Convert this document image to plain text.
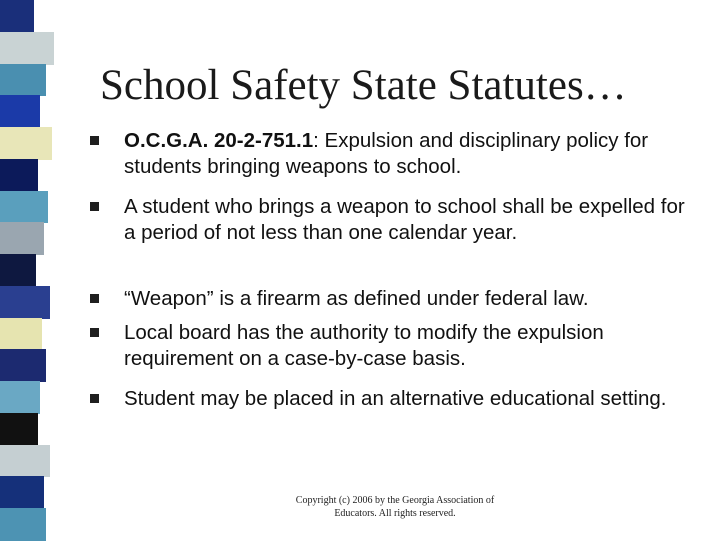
School Safety State Statutes…
O.C.G.A. 20-2-751.1: Expulsion and disciplinary policy for students bringing weapons to school.
A student who brings a weapon to school shall be expelled for a period of not less than one calendar year.
“Weapon” is a firearm as defined under federal law.
Local board has the authority to modify the expulsion requirement on a case-by-case basis.
Student may be placed in an alternative educational setting.
Copyright (c) 2006 by the Georgia Association of
Educators. All rights reserved.
